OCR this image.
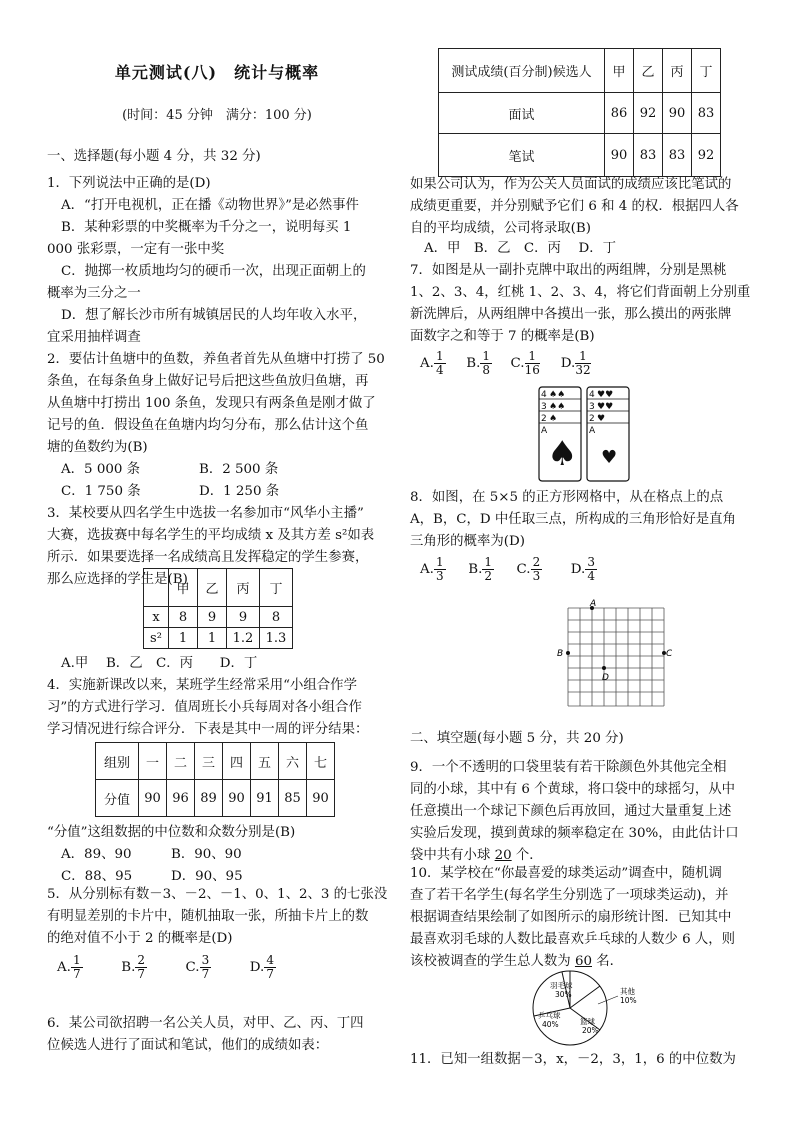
单元测试(八)　统计与概率
(时间：45 分钟　满分：100 分)
一、选择题(每小题 4 分，共 32 分)
1．下列说法中正确的是(D)
A．“打开电视机，正在播《动物世界》”是必然事件
B．某种彩票的中奖概率为千分之一，说明每买 1
000 张彩票，一定有一张中奖
C．抛掷一枚质地均匀的硬币一次，出现正面朝上的
概率为三分之一
D．想了解长沙市所有城镇居民的人均年收入水平，
宜采用抽样调查
2．要估计鱼塘中的鱼数，养鱼者首先从鱼塘中打捞了 50
条鱼，在每条鱼身上做好记号后把这些鱼放归鱼塘，再
从鱼塘中打捞出 100 条鱼，发现只有两条鱼是刚才做了
记号的鱼．假设鱼在鱼塘内均匀分布，那么估计这个鱼
塘的鱼数约为(B)
A．5 000 条	B．2 500 条
C．1 750 条	D．1 250 条
3．某校要从四名学生中选拔一名参加市“风华小主播”
大赛，选拔赛中每名学生的平均成绩 x 及其方差 s²如表
所示．如果要选择一名成绩高且发挥稳定的学生参赛，
那么应选择的学生是(B)
	甲	乙	丙	丁
x	8	9	9	8
s²	1	1	1.2	1.3
A.甲　 B．乙　C．丙　　D．丁
4．实施新课改以来，某班学生经常采用“小组合作学
习”的方式进行学习．值周班长小兵每周对各小组合作
学习情况进行综合评分．下表是其中一周的评分结果：
组别	一	二	三	四	五	六	七
分值	90	96	89	90	91	85	90
“分值”这组数据的中位数和众数分别是(B)
A．89、90	B．90、90
C．88、95	D．90、95
5．从分别标有数－3、－2、－1、0、1、2、3 的七张没
有明显差别的卡片中，随机抽取一张，所抽卡片上的数
的绝对值不小于 2 的概率是(D)
A. $\frac{1}{7}$	B. $\frac{2}{7}$	C. $\frac{3}{7}$	D. $\frac{4}{7}$
6．某公司欲招聘一名公关人员，对甲、乙、丙、丁四
位候选人进行了面试和笔试，他们的成绩如表：
测试成绩(百分制)候选人	甲	乙	丙	丁
面试	86	92	90	83
笔试	90	83	83	92
如果公司认为，作为公关人员面试的成绩应该比笔试的
成绩更重要，并分别赋予它们 6 和 4 的权．根据四人各
自的平均成绩，公司将录取(B)
A．甲　B．乙　C．丙　 D．丁
7．如图是从一副扑克牌中取出的两组牌，分别是黑桃
1、2、3、4，红桃 1、2、3、4，将它们背面朝上分别重
新洗牌后，从两组牌中各摸出一张，那么摸出的两张牌
面数字之和等于 7 的概率是(B)
A. $\frac{1}{4} B$. $\frac{1}{8} C$. $\frac{1}{16} D$. $\frac{1}{32}$
4
3
2
A
♠♠
♠♠
♠
♠
4
3
2
A
♥♥
♥♥
♥
♥
8．如图，在 5×5 的正方形网格中，从在格点上的点
A，B，C，D 中任取三点，所构成的三角形恰好是直角
三角形的概率为(D)
A. $\frac{1}{3} B$. $\frac{1}{2} C$. $\frac{2}{3} D$. $\frac{3}{4}$
A
B	C
D
二、填空题(每小题 5 分，共 20 分)
9．一个不透明的口袋里装有若干除颜色外其他完全相
同的小球，其中有 6 个黄球，将口袋中的球摇匀，从中
任意摸出一个球记下颜色后再放回，通过大量重复上述
实验后发现，摸到黄球的频率稳定在 30%，由此估计口
袋中共有小球 20 个．
10．某学校在“你最喜爱的球类运动”调查中，随机调
查了若干名学生(每名学生分别选了一项球类运动)，并
根据调查结果绘制了如图所示的扇形统计图．已知其中
最喜欢羽毛球的人数比最喜欢乒乓球的人数少 6 人，则
该校被调查的学生总人数为 60 名．
羽毛球
30%	其他
10%
篮球
20%
乒乓球
40%
11．已知一组数据－3，x，－2，3，1，6 的中位数为
